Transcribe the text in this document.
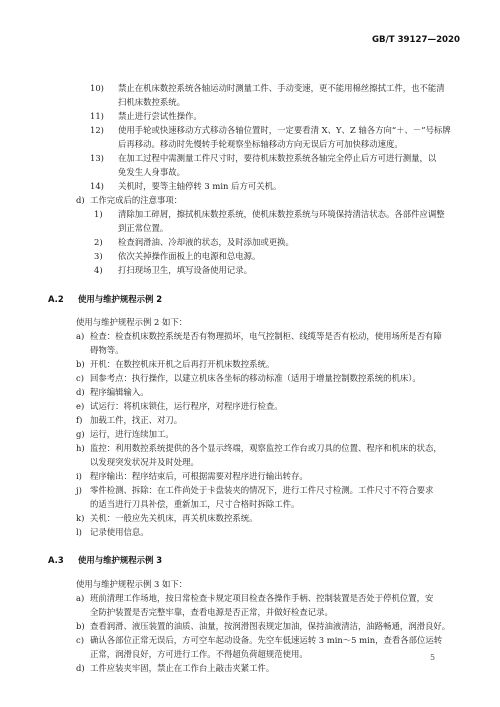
GB/T 39127—2020
10) 禁止在机床数控系统各轴运动时测量工件、手动变速，更不能用棉丝擦拭工件，也不能清
扫机床数控系统。
11) 禁止进行尝试性操作。
12) 使用手轮或快速移动方式移动各轴位置时，一定要看清 X、Y、Z 轴各方向“＋、－”号标牌
后再移动。移动时先慢转手轮观察坐标轴移动方向无误后方可加快移动速度。
13) 在加工过程中需测量工件尺寸时，要待机床数控系统各轴完全停止后方可进行测量，以
免发生人身事故。
14) 关机时，要等主轴停转 3 min 后方可关机。
d) 工作完成后的注意事项：
1) 清除加工碎屑，擦拭机床数控系统，使机床数控系统与环境保持清洁状态。各部件应调整
到正常位置。
2) 检查润滑油、冷却液的状态，及时添加或更换。
3) 依次关掉操作面板上的电源和总电源。
4) 打扫现场卫生，填写设备使用记录。
A.2 使用与维护规程示例 2
使用与维护规程示例 2 如下：
a) 检查：检查机床数控系统是否有物理损坏，电气控制柜、线缆等是否有松动，使用场所是否有障
碍物等。
b) 开机：在数控机床开机之后再打开机床数控系统。
c) 回参考点：执行操作，以建立机床各坐标的移动标准（适用于增量控制数控系统的机床）。
d) 程序编辑输入。
e) 试运行：将机床锁住，运行程序，对程序进行检查。
f) 加载工件，找正、对刀。
g) 运行，进行连续加工。
h) 监控：利用数控系统提供的各个显示终端，观察监控工作台或刀具的位置、程序和机床的状态，
以发现突发状况并及时处理。
i) 程序输出：程序结束后，可根据需要对程序进行输出转存。
j) 零件检测、拆除：在工件尚处于卡盘装夹的情况下，进行工件尺寸检测。工件尺寸不符合要求
的适当进行刀具补偿，重新加工，尺寸合格时拆除工件。
k) 关机：一般应先关机床，再关机床数控系统。
l) 记录使用信息。
A.3 使用与维护规程示例 3
使用与维护规程示例 3 如下：
a) 班前清理工作场地，按日常检查卡规定项目检查各操作手柄、控制装置是否处于停机位置，安
全防护装置是否完整牢靠，查看电源是否正常，并做好检查记录。
b) 查看润滑、液压装置的油质、油量，按润滑图表规定加油，保持油液清洁，油路畅通，润滑良好。
c) 确认各部位正常无误后，方可空车起动设备。先空车低速运转 3 min～5 min，查看各部位运转
正常，润滑良好，方可进行工作。不得超负荷超规范使用。
d) 工件应装夹牢固，禁止在工作台上敲击夹紧工件。
5
